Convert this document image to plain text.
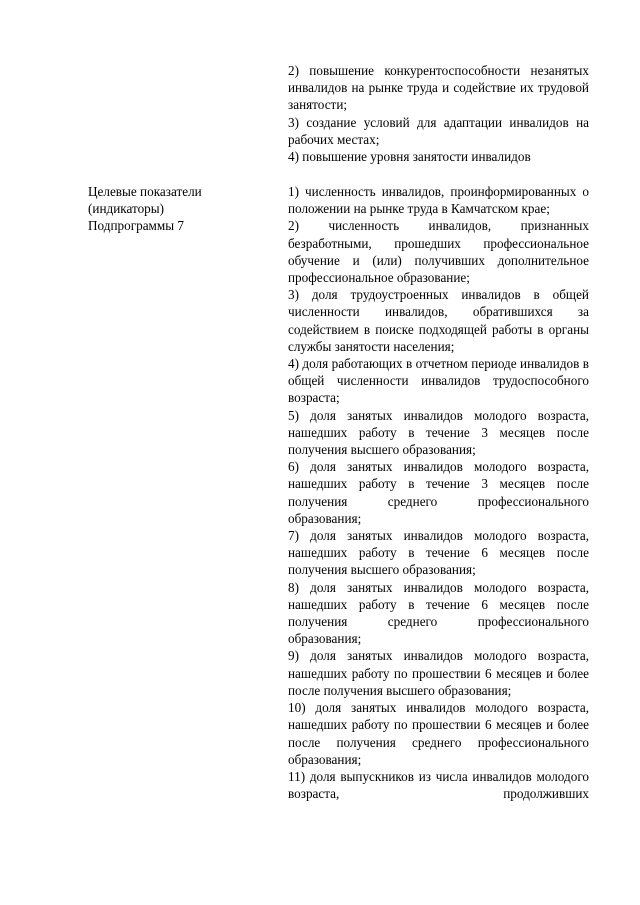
2) повышение конкурентоспособности незанятых инвалидов на рынке труда и содействие их трудовой занятости;

3) создание условий для адаптации инвалидов на рабочих местах;

4) повышение уровня занятости инвалидов

Целевые показатели
(индикаторы)
Подпрограммы 7

1) численность инвалидов, проинформированных о положении на рынке труда в Камчатском крае;

2) численность инвалидов, признанных безработными, прошедших профессиональное обучение и (или) получивших дополнительное профессиональное образование;

3) доля трудоустроенных инвалидов в общей численности инвалидов, обратившихся за содействием в поиске подходящей работы в органы службы занятости населения;

4) доля работающих в отчетном периоде инвалидов в общей численности инвалидов трудоспособного возраста;

5) доля занятых инвалидов молодого возраста, нашедших работу в течение 3 месяцев после получения высшего образования;

6) доля занятых инвалидов молодого возраста, нашедших работу в течение 3 месяцев после получения среднего профессионального образования;

7) доля занятых инвалидов молодого возраста, нашедших работу в течение 6 месяцев после получения высшего образования;

8) доля занятых инвалидов молодого возраста, нашедших работу в течение 6 месяцев после получения среднего профессионального образования;

9) доля занятых инвалидов молодого возраста, нашедших работу по прошествии 6 месяцев и более после получения высшего образования;

10) доля занятых инвалидов молодого возраста, нашедших работу по прошествии 6 месяцев и более после получения среднего профессионального образования;

11) доля выпускников из числа инвалидов молодого возраста, продолживших
